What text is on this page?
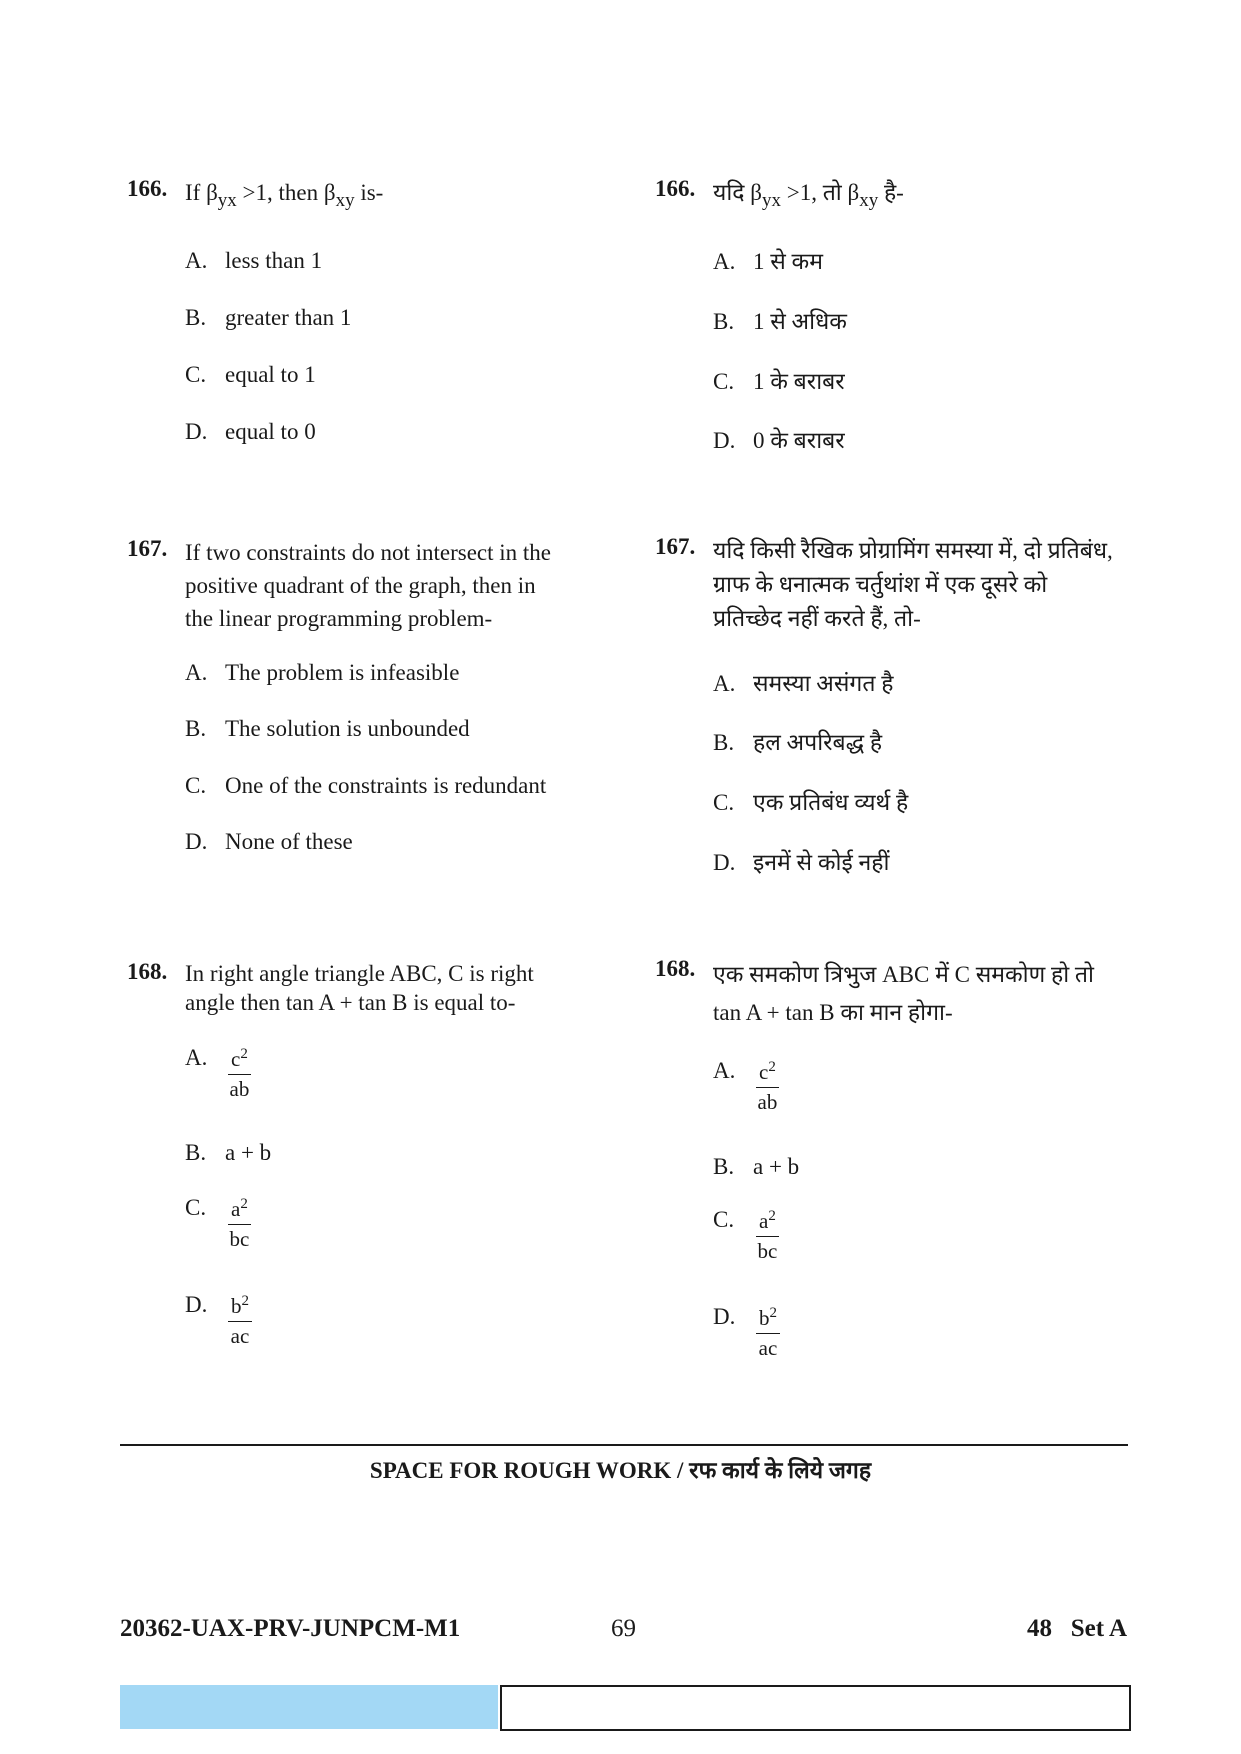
166. If $\beta_{yx} >1$, then $\beta_{xy}$ is-
A. less than 1
B. greater than 1
C. equal to 1
D. equal to 0
167. If two constraints do not intersect in the
positive quadrant of the graph, then in
the linear programming problem-
A. The problem is infeasible
B. The solution is unbounded
C. One of the constraints is redundant
D. None of these
168. In right angle triangle ABC, C is right
angle then tan A + tan B is equal to-
A. $\frac{c^2}{ab}$
B. a + b
C. $\frac{a^2}{bc}$
D. $\frac{b^2}{ac}$
166. यदि $\beta_{yx} >1$, तो $\beta_{xy}$ है-
A. 1 से कम
B. 1 से अधिक
C. 1 के बराबर
D. 0 के बराबर
167. यदि किसी रैखिक प्रोग्रामिंग समस्या में, दो प्रतिबंध,
ग्राफ के धनात्मक चर्तुथांश में एक दूसरे को
प्रतिच्छेद नहीं करते हैं, तो-
A. समस्या असंगत है
B. हल अपरिबद्ध है
C. एक प्रतिबंध व्यर्थ है
D. इनमें से कोई नहीं
168. एक समकोण त्रिभुज ABC में C समकोण हो तो
tan A + tan B का मान होगा-
A. $\frac{c^2}{ab}$
B. a + b
C. $\frac{a^2}{bc}$
D. $\frac{b^2}{ac}$
SPACE FOR ROUGH WORK / रफ कार्य के लिये जगह
20362-UAX-PRV-JUNPCM-M1	69	48   Set A
